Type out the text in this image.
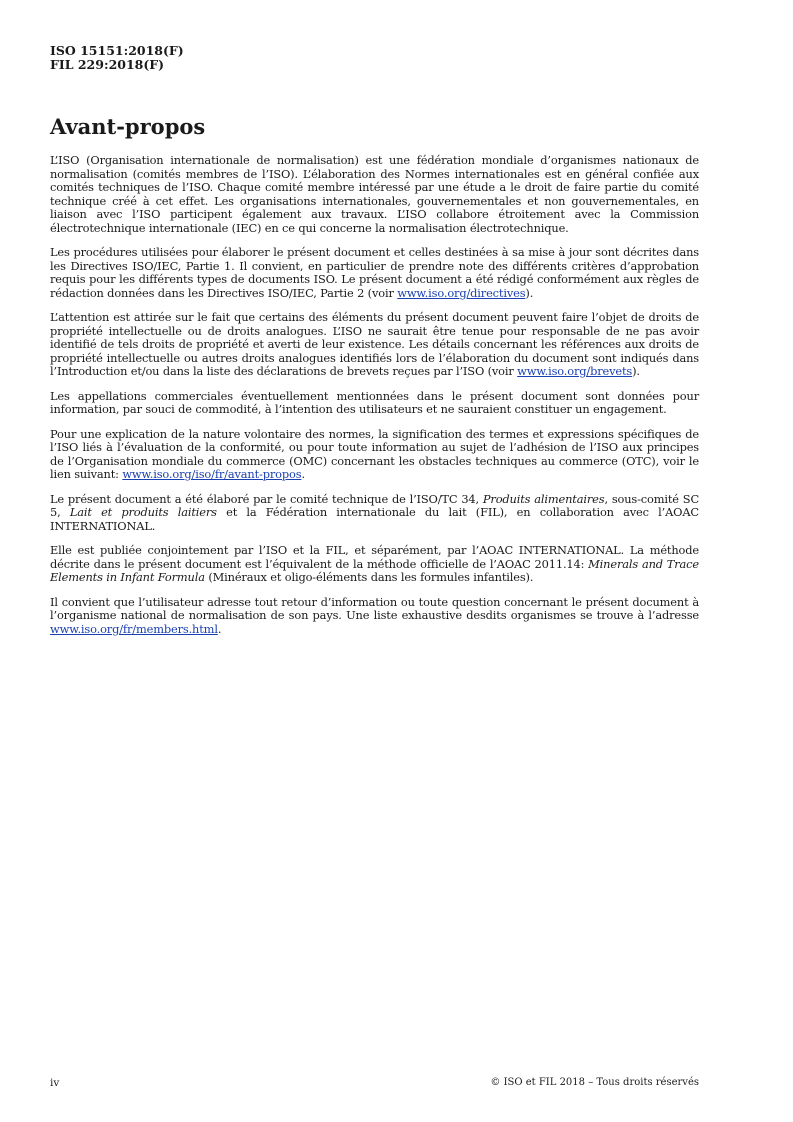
ISO 15151:2018(F)
FIL 229:2018(F)
Avant-propos

L’ISO (Organisation internationale de normalisation) est une fédération mondiale d’organismes nationaux de normalisation (comités membres de l’ISO). L’élaboration des Normes internationales est en général confiée aux comités techniques de l’ISO. Chaque comité membre intéressé par une étude a le droit de faire partie du comité technique créé à cet effet. Les organisations internationales, gouvernementales et non gouvernementales, en liaison avec l’ISO participent également aux travaux. L’ISO collabore étroitement avec la Commission électrotechnique internationale (IEC) en ce qui concerne la normalisation électrotechnique.

Les procédures utilisées pour élaborer le présent document et celles destinées à sa mise à jour sont décrites dans les Directives ISO/IEC, Partie 1. Il convient, en particulier de prendre note des différents critères d’approbation requis pour les différents types de documents ISO. Le présent document a été rédigé conformément aux règles de rédaction données dans les Directives ISO/IEC, Partie 2 (voir www.iso.org/directives).

L’attention est attirée sur le fait que certains des éléments du présent document peuvent faire l’objet de droits de propriété intellectuelle ou de droits analogues. L’ISO ne saurait être tenue pour responsable de ne pas avoir identifié de tels droits de propriété et averti de leur existence. Les détails concernant les références aux droits de propriété intellectuelle ou autres droits analogues identifiés lors de l’élaboration du document sont indiqués dans l’Introduction et/ou dans la liste des déclarations de brevets reçues par l’ISO (voir www.iso.org/brevets).

Les appellations commerciales éventuellement mentionnées dans le présent document sont données pour information, par souci de commodité, à l’intention des utilisateurs et ne sauraient constituer un engagement.

Pour une explication de la nature volontaire des normes, la signification des termes et expressions spécifiques de l’ISO liés à l’évaluation de la conformité, ou pour toute information au sujet de l’adhésion de l’ISO aux principes de l’Organisation mondiale du commerce (OMC) concernant les obstacles techniques au commerce (OTC), voir le lien suivant: www.iso.org/iso/fr/avant-propos.

Le présent document a été élaboré par le comité technique de l’ISO/TC 34, Produits alimentaires, sous-comité SC 5, Lait et produits laitiers et la Fédération internationale du lait (FIL), en collaboration avec l’AOAC INTERNATIONAL.

Elle est publiée conjointement par l’ISO et la FIL, et séparément, par l’AOAC INTERNATIONAL. La méthode décrite dans le présent document est l’équivalent de la méthode officielle de l’AOAC 2011.14: Minerals and Trace Elements in Infant Formula (Minéraux et oligo-éléments dans les formules infantiles).

Il convient que l’utilisateur adresse tout retour d’information ou toute question concernant le présent document à l’organisme national de normalisation de son pays. Une liste exhaustive desdits organismes se trouve à l’adresse www.iso.org/fr/members.html.

iv	© ISO et FIL 2018 – Tous droits réservés
